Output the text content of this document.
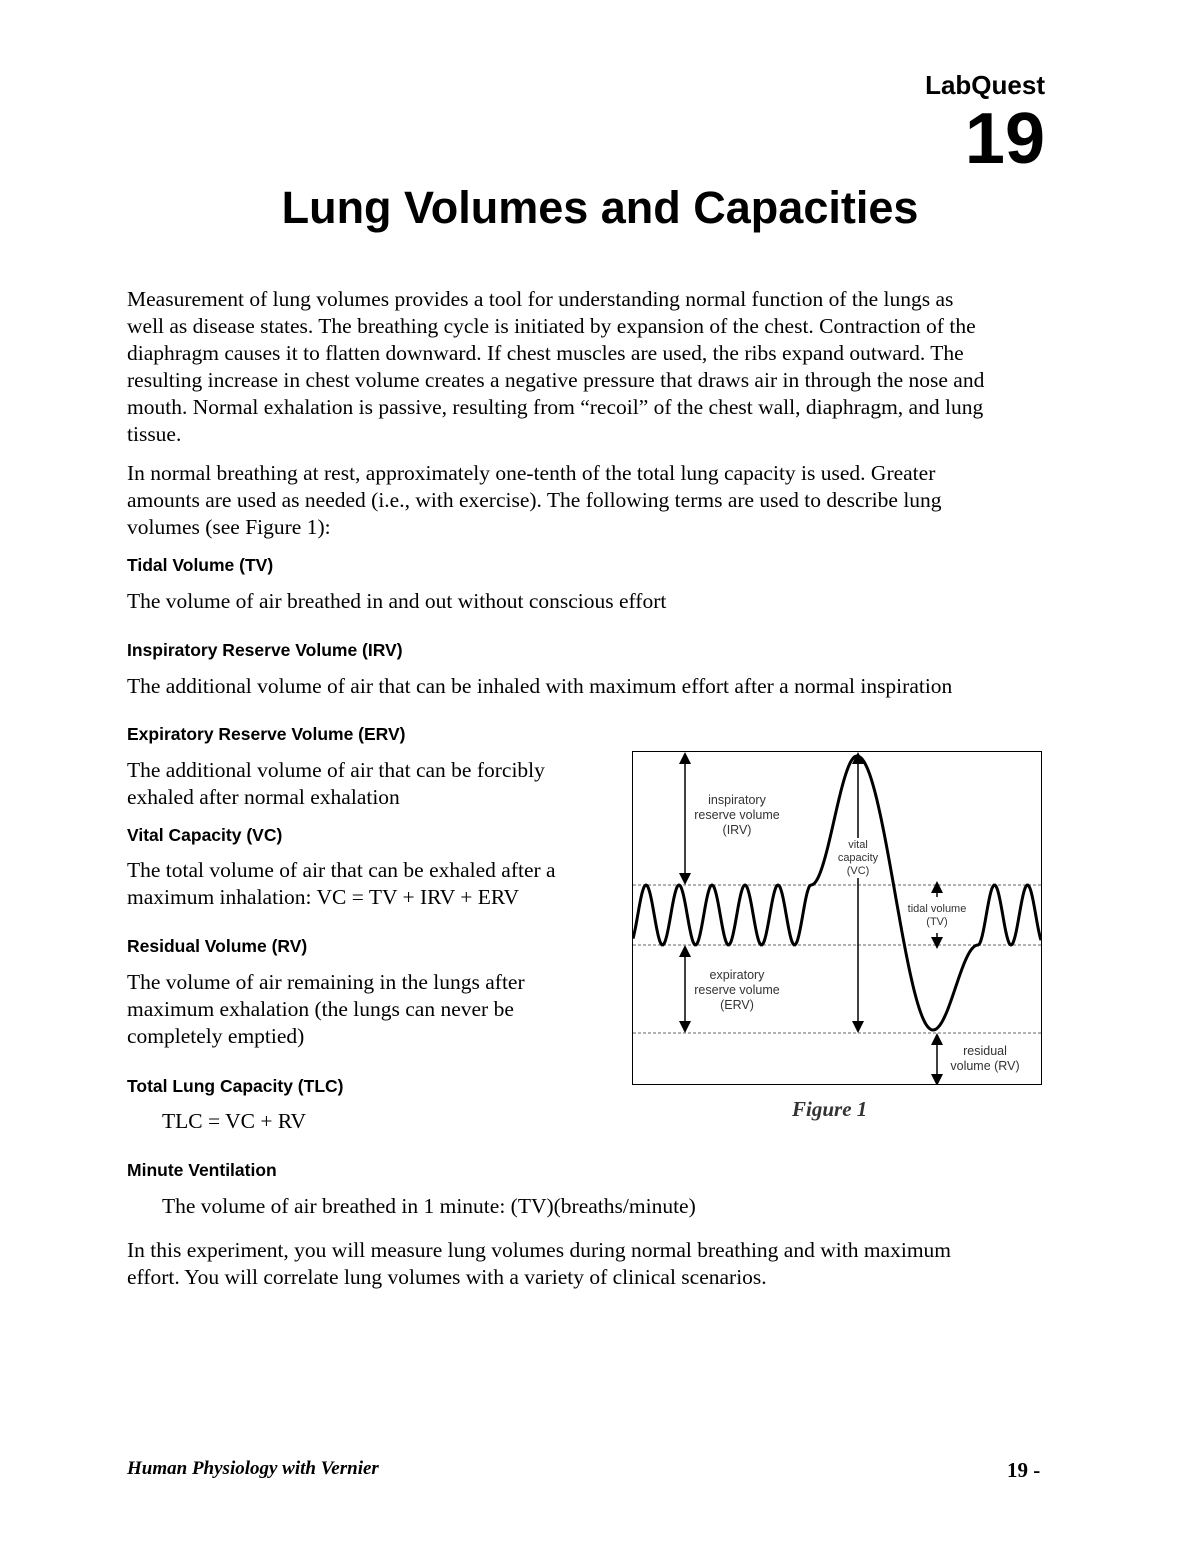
LabQuest
19
Lung Volumes and Capacities
Measurement of lung volumes provides a tool for understanding normal function of the lungs as
well as disease states. The breathing cycle is initiated by expansion of the chest. Contraction of the
diaphragm causes it to flatten downward. If chest muscles are used, the ribs expand outward. The
resulting increase in chest volume creates a negative pressure that draws air in through the nose and
mouth. Normal exhalation is passive, resulting from “recoil” of the chest wall, diaphragm, and lung
tissue.
In normal breathing at rest, approximately one-tenth of the total lung capacity is used. Greater
amounts are used as needed (i.e., with exercise). The following terms are used to describe lung
volumes (see Figure 1):
Tidal Volume (TV)
The volume of air breathed in and out without conscious effort
Inspiratory Reserve Volume (IRV)
The additional volume of air that can be inhaled with maximum effort after a normal inspiration
Expiratory Reserve Volume (ERV)
The additional volume of air that can be forcibly
exhaled after normal exhalation
Vital Capacity (VC)
The total volume of air that can be exhaled after a
maximum inhalation: VC = TV + IRV + ERV
Residual Volume (RV)
The volume of air remaining in the lungs after
maximum exhalation (the lungs can never be
completely emptied)
Total Lung Capacity (TLC)
TLC = VC + RV
Minute Ventilation
The volume of air breathed in 1 minute: (TV)(breaths/minute)
In this experiment, you will measure lung volumes during normal breathing and with maximum
effort. You will correlate lung volumes with a variety of clinical scenarios.
inspiratory
reserve volume
(IRV)
vital
capacity
(VC)
tidal volume
(TV)
expiratory
reserve volume
(ERV)
residual
volume (RV)
Figure 1
Human Physiology with Vernier	19 -
